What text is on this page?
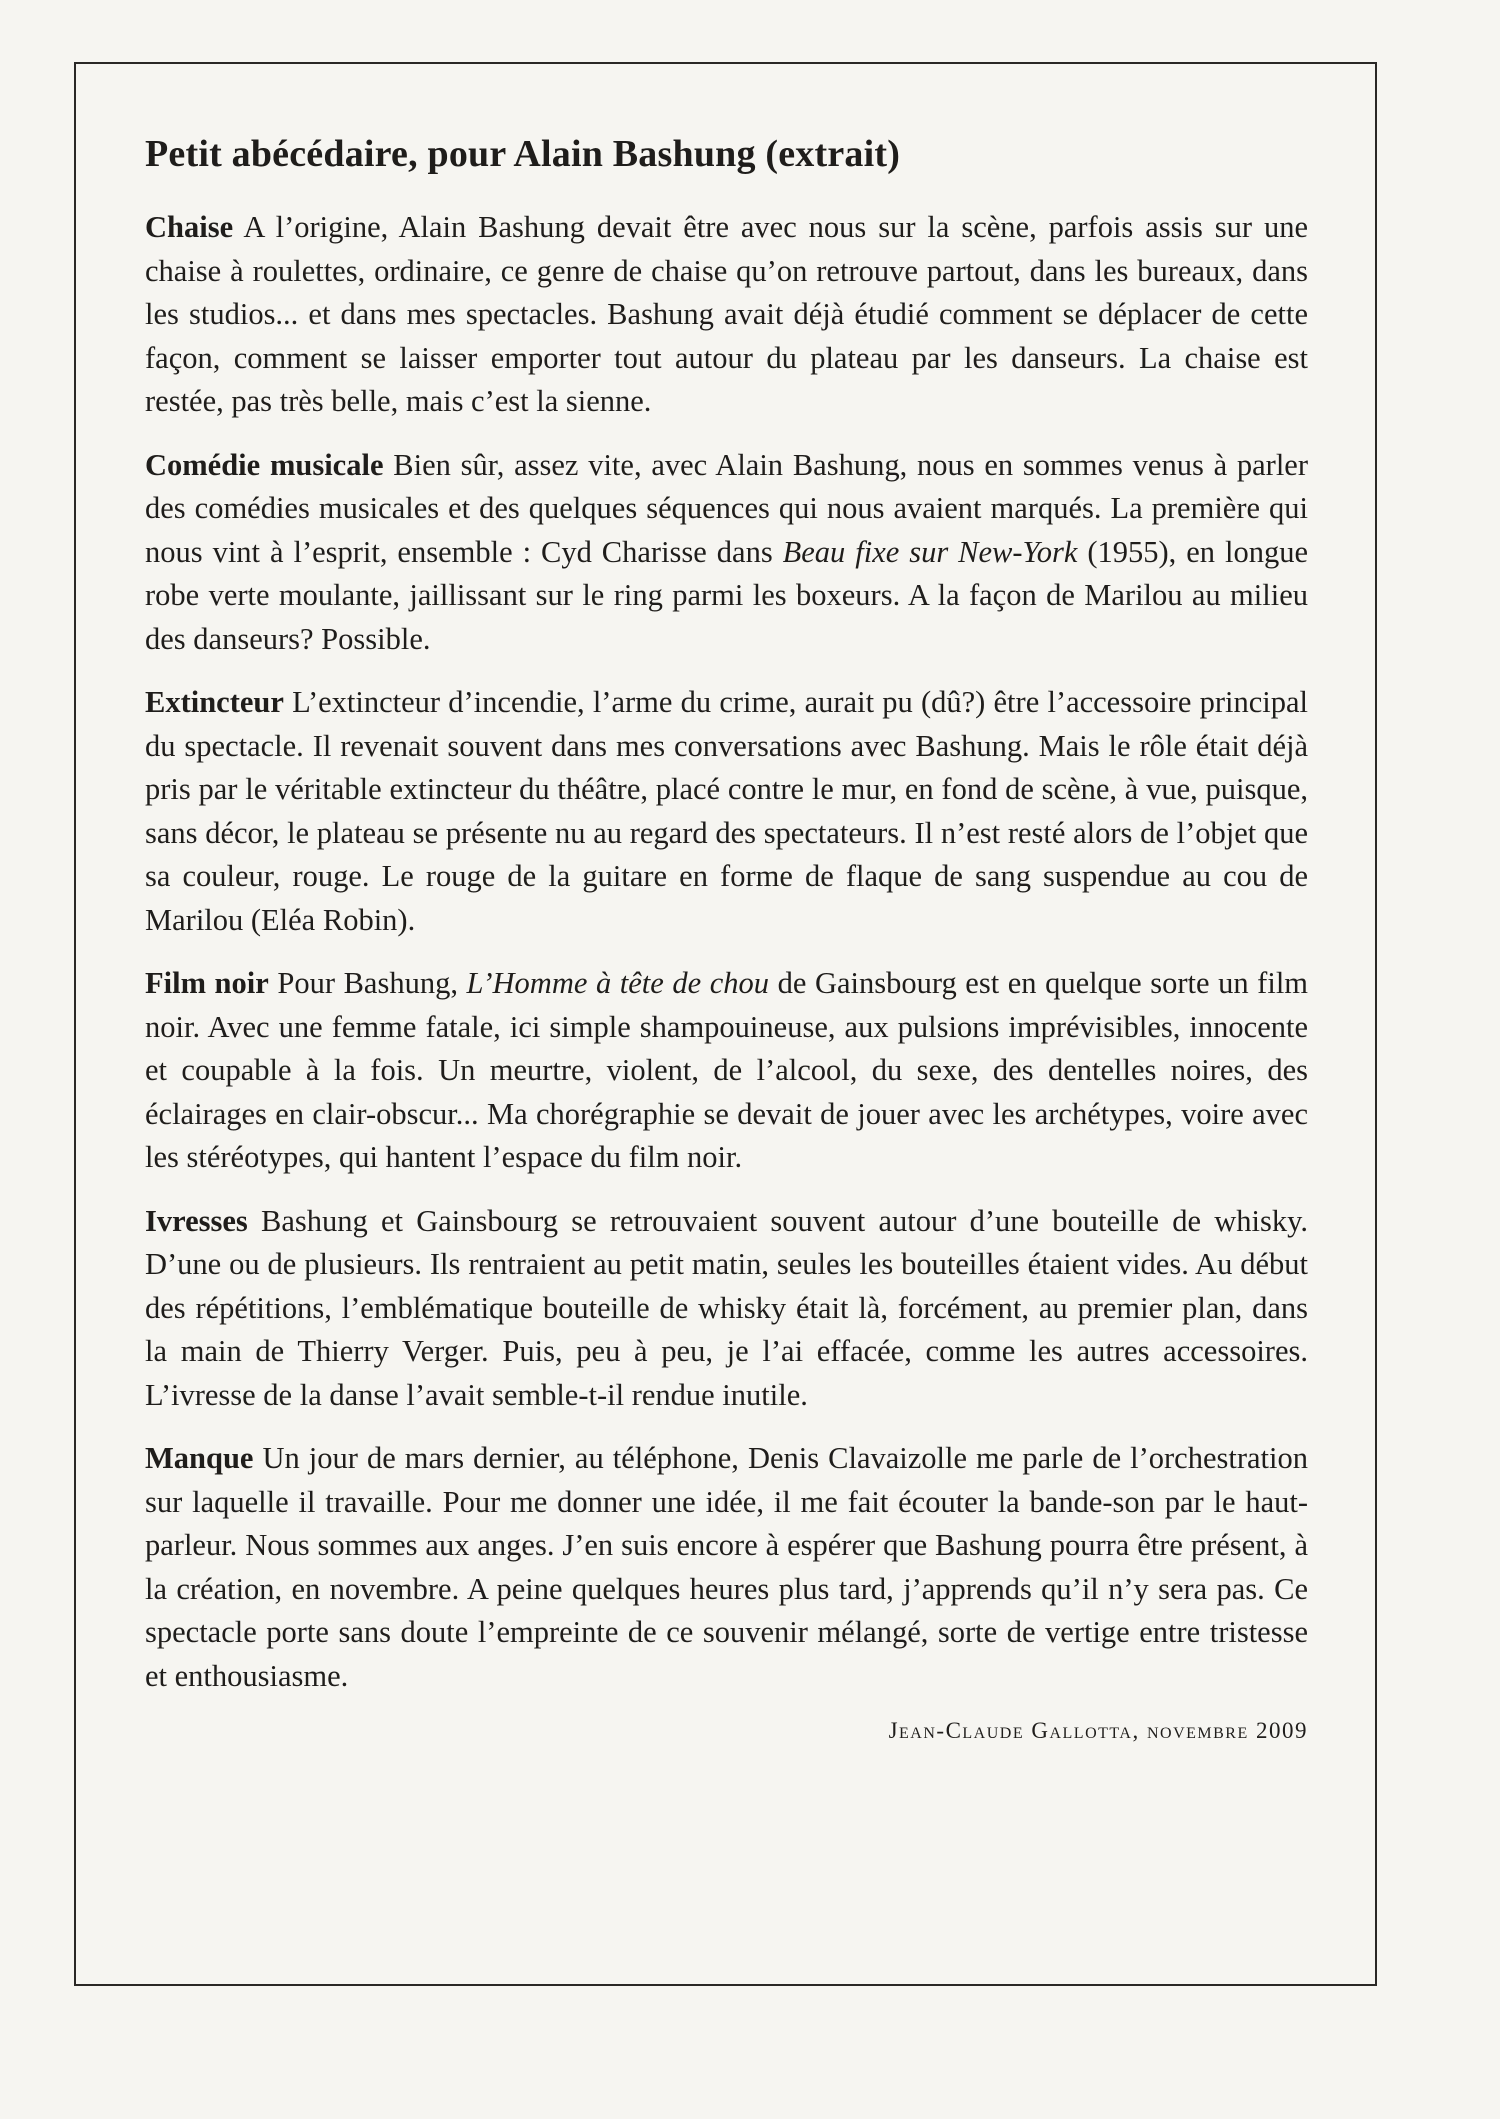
Petit abécédaire, pour Alain Bashung (extrait)

Chaise A l’origine, Alain Bashung devait être avec nous sur la scène, parfois assis sur une chaise à roulettes, ordinaire, ce genre de chaise qu’on retrouve partout, dans les bureaux, dans les studios... et dans mes spectacles. Bashung avait déjà étudié comment se déplacer de cette façon, comment se laisser emporter tout autour du plateau par les danseurs. La chaise est restée, pas très belle, mais c’est la sienne.

Comédie musicale Bien sûr, assez vite, avec Alain Bashung, nous en sommes venus à parler des comédies musicales et des quelques séquences qui nous avaient marqués. La première qui nous vint à l’esprit, ensemble : Cyd Charisse dans Beau fixe sur New-York (1955), en longue robe verte moulante, jaillissant sur le ring parmi les boxeurs. A la façon de Marilou au milieu des danseurs? Possible.

Extincteur L’extincteur d’incendie, l’arme du crime, aurait pu (dû?) être l’accessoire principal du spectacle. Il revenait souvent dans mes conversations avec Bashung. Mais le rôle était déjà pris par le véritable extincteur du théâtre, placé contre le mur, en fond de scène, à vue, puisque, sans décor, le plateau se présente nu au regard des spectateurs. Il n’est resté alors de l’objet que sa couleur, rouge. Le rouge de la guitare en forme de flaque de sang suspendue au cou de Marilou (Eléa Robin).

Film noir Pour Bashung, L’Homme à tête de chou de Gainsbourg est en quelque sorte un film noir. Avec une femme fatale, ici simple shampouineuse, aux pulsions imprévisibles, innocente et coupable à la fois. Un meurtre, violent, de l’alcool, du sexe, des dentelles noires, des éclairages en clair-obscur... Ma chorégraphie se devait de jouer avec les archétypes, voire avec les stéréotypes, qui hantent l’espace du film noir.

Ivresses Bashung et Gainsbourg se retrouvaient souvent autour d’une bouteille de whisky. D’une ou de plusieurs. Ils rentraient au petit matin, seules les bouteilles étaient vides. Au début des répétitions, l’emblématique bouteille de whisky était là, forcément, au premier plan, dans la main de Thierry Verger. Puis, peu à peu, je l’ai effacée, comme les autres accessoires. L’ivresse de la danse l’avait semble-t-il rendue inutile.

Manque Un jour de mars dernier, au téléphone, Denis Clavaizolle me parle de l’orchestration sur laquelle il travaille. Pour me donner une idée, il me fait écouter la bande-son par le haut-parleur. Nous sommes aux anges. J’en suis encore à espérer que Bashung pourra être présent, à la création, en novembre. A peine quelques heures plus tard, j’apprends qu’il n’y sera pas. Ce spectacle porte sans doute l’empreinte de ce souvenir mélangé, sorte de vertige entre tristesse et enthousiasme.

Jean-Claude Gallotta, novembre 2009
